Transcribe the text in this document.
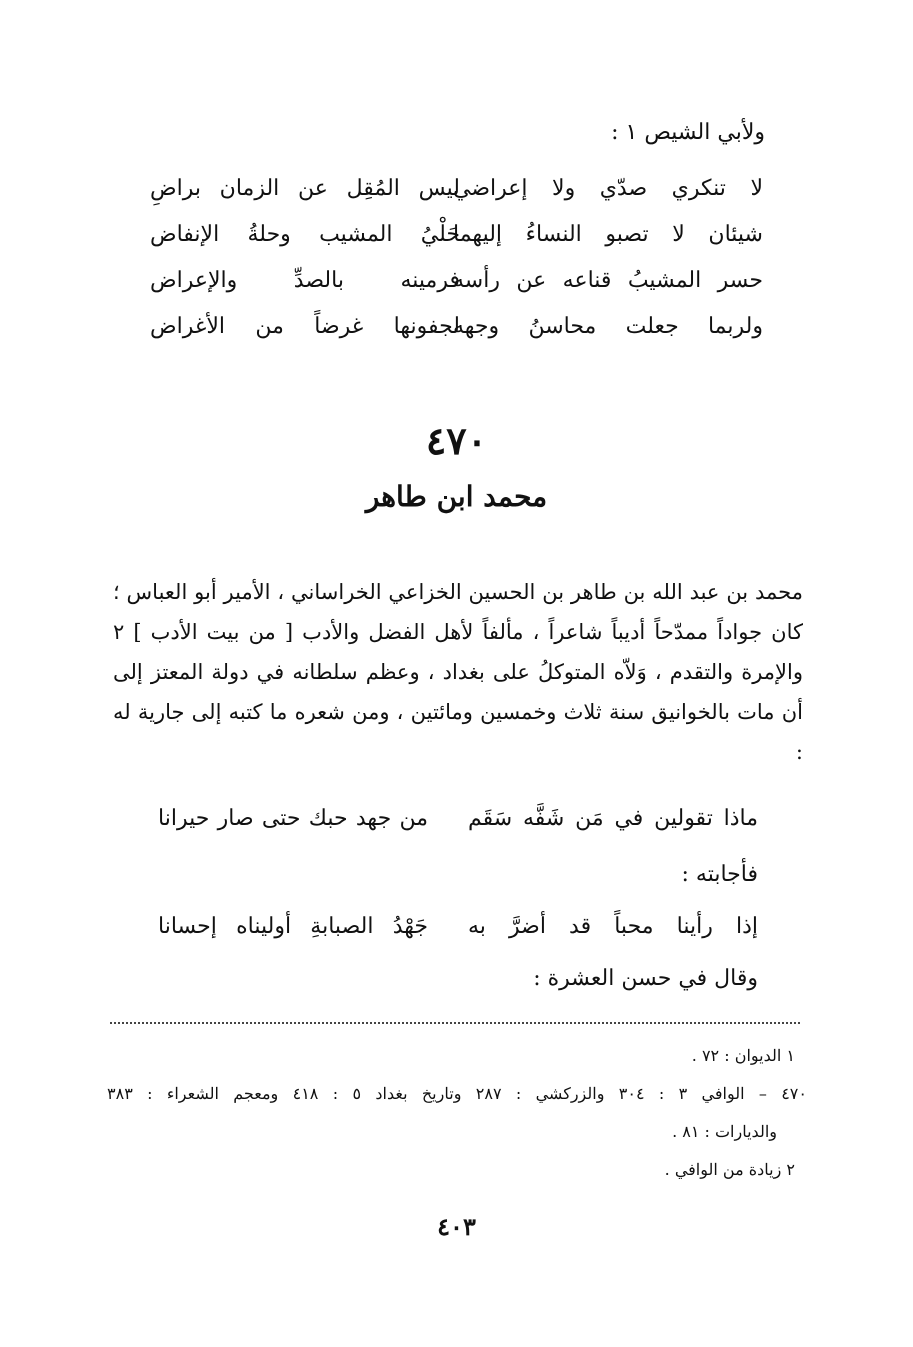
ولأبي الشيص ١ :
لا تنكري صدّي ولا إعراضي
ليس المُقِل عن الزمان براضِ
شيئان لا تصبو النساءُ إليهما
حَلْيُ المشيب وحلةُ الإنفاض
حسر المشيبُ قناعه عن رأسه
فرمينه بالصدِّ والإعراض
ولربما جعلت محاسنُ وجهه
لجفونها غرضاً من الأغراض
٤٧٠
محمد ابن طاهر

محمد بن عبد الله بن طاهر بن الحسين الخزاعي الخراساني ، الأمير أبو العباس ؛ كان جواداً ممدّحاً أديباً شاعراً ، مألفاً لأهل الفضل والأدب [ من بيت الأدب ] ٢ والإمرة والتقدم ، وَلاّه المتوكلُ على بغداد ، وعظم سلطانه في دولة المعتز إلى أن مات بالخوانيق سنة ثلاث وخمسين ومائتين ، ومن شعره ما كتبه إلى جارية له :

ماذا تقولين في مَن شَفَّه سَقَم
من جهد حبك حتى صار حيرانا
فأجابته :
إذا رأينا محباً قد أضرَّ به
جَهْدُ الصبابةِ أوليناه إحسانا
وقال في حسن العشرة :
١ الديوان : ٧٢ .
٤٧٠ – الوافي ٣ : ٣٠٤ والزركشي : ٢٨٧ وتاريخ بغداد ٥ : ٤١٨ ومعجم الشعراء : ٣٨٣
والديارات : ٨١ .
٢ زيادة من الوافي .
٤٠٣
